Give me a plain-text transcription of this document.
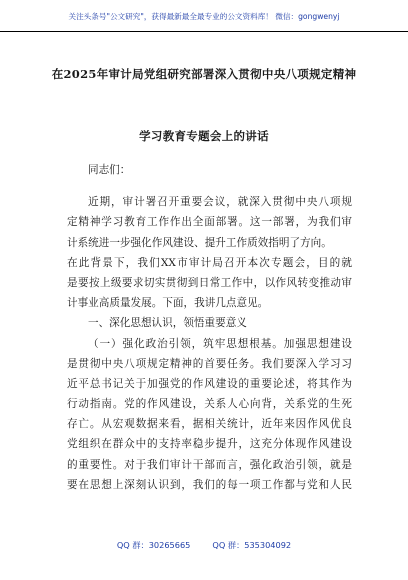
关注头条号"公文研究"，获得最新最全最专业的公文资料库！ 微信：gongwenyj
在2025年审计局党组研究部署深入贯彻中央八项规定精神
学习教育专题会上的讲话
同志们：
近期，审计署召开重要会议，就深入贯彻中央八项规
定精神学习教育工作作出全面部署。这一部署，为我们审
计系统进一步强化作风建设、提升工作质效指明了方向。
在此背景下，我们XX市审计局召开本次专题会，目的就
是要按上级要求切实贯彻到日常工作中，以作风转变推动审
计事业高质量发展。下面，我讲几点意见。
一、深化思想认识，领悟重要意义
（一）强化政治引领，筑牢思想根基。加强思想建设
是贯彻中央八项规定精神的首要任务。我们要深入学习习
近平总书记关于加强党的作风建设的重要论述，将其作为
行动指南。党的作风建设，关系人心向背，关系党的生死
存亡。从宏观数据来看，据相关统计，近年来因作风优良
党组织在群众中的支持率稳步提升，这充分体现作风建设
的重要性。对于我们审计干部而言，强化政治引领，就是
要在思想上深刻认识到，我们的每一项工作都与党和人民
QQ 群：30265665	QQ 群：535304092
